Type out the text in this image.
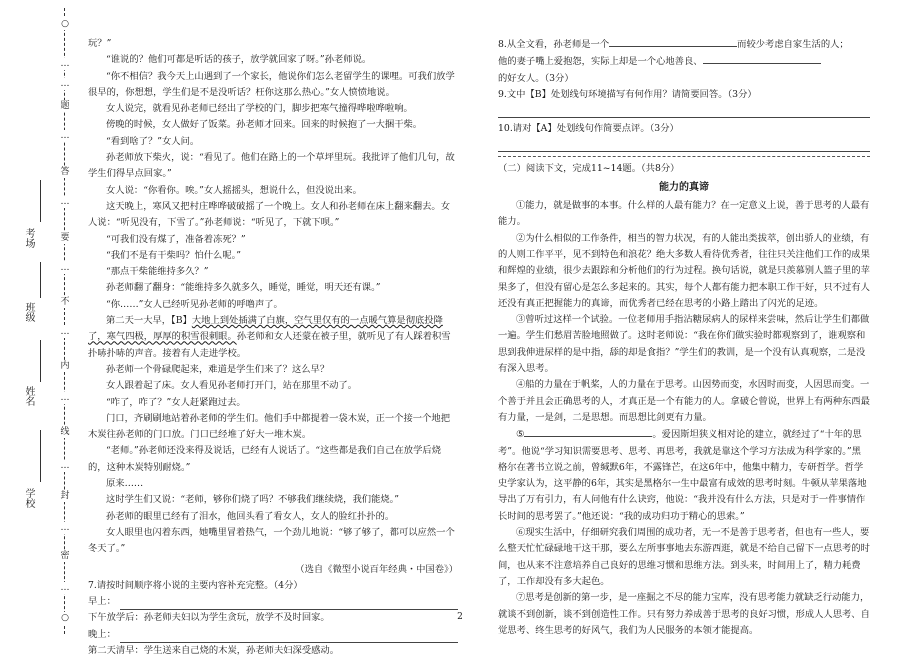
○
…
…
题
…
答
…
要
…
不
…
内
…
线
…
封
…
密
…
○
考场
班级
姓名
学校

玩？”

“谁说的？他们可都是听话的孩子，放学就回家了呀。”孙老师说。

“你不相信？我今天上山遇到了一个家长，他说你们怎么老留学生的课哩。可我们放学很早的，你想想，学生们是不是没听话？枉你这那么热心。”女人愤愤地说。

女人说完，就看见孙老师已经出了学校的门，脚步把寒气撞得哗啦哗啦响。

傍晚的时候，女人做好了饭菜。孙老师才回来。回来的时候抱了一大捆干柴。

“看到啥了？”女人问。

孙老师放下柴火，说：“看见了。他们在路上的一个草坪里玩。我批评了他们几句，故学生们得早点回家。”

女人说：“你看你。唉。”女人摇摇头，想说什么，但没说出来。

这天晚上，寒风又把村庄哗哗破破摇了一个晚上。女人和孙老师在床上翻来翻去。女人说：“听见没有，下雪了。”孙老师说：“听见了，下就下呗。”

“可我们没有煤了，准备着冻死？”

“我们不是有干柴吗？怕什么呢。”

“那点干柴能维持多久？”

孙老师翻了翻身：“能维持多久就多久，睡觉，睡觉，明天还有课。”

“你……”女人已经听见孙老师的呼噜声了。

第二天一大早，【B】大地上到处插满了白旗，空气里仅有的一点暖气算是彻底投降了，寒气四极，厚厚的积雪很刺眼。孙老师和女人还蒙在被子里，就听见了有人踩着积雪扑哧扑哧的声音。接着有人走进学校。

孙老师一个骨碌爬起来，难道是学生们来了？这么早？

女人跟着起了床。女人看见孙老师打开门，站在那里不动了。

“咋了，咋了？”女人赶紧跑过去。

门口，齐刷刷地站着孙老师的学生们。他们手中都提着一袋木炭，正一个接一个地把木炭往孙老师的门口放。门口已经堆了好大一堆木炭。

“老师。”孙老师还没来得及说话，已经有人说话了。“这些都是我们自己在放学后烧的，这种木炭特别耐烧。”

原来……

这时学生们又说：“老师，够你们烧了吗？不够我们继续烧，我们能烧。”

孙老师的眼里已经有了泪水，他回头看了看女人，女人的脸红扑扑的。

女人眼里也闪着东西，她嘴里冒着热气，一个劲儿地说：“够了够了，都可以应然一个冬天了。”

（选自《微型小说百年经典・中国卷》）

7.请按时间顺序将小说的主要内容补充完整。（4分）

早上：

下午放学后：孙老师夫妇以为学生贪玩，放学不及时回家。

晚上：

第二天清早：学生送来自己烧的木炭，孙老师夫妇深受感动。

8.从全文看，孙老师是一个	而较少考虑自家生活的人；

他的妻子嘴上爱抱怨，实际上却是一个心地善良、

的好女人。（3分）

9.文中【B】处划线句环境描写有何作用？请简要回答。（3分）

10.请对【A】处划线句作简要点评。（3分）

（二）阅读下文，完成11~14题。（共8分）

能力的真谛

①能力，就是做事的本事。什么样的人最有能力？在一定意义上说，善于思考的人最有能力。

②为什么相似的工作条件，相当的智力状况，有的人能出类拔萃，创出骄人的业绩，有的人则工作平平，见不到特色和浪花？绝大多数人看待优秀者，往往只关注他们工作的成果和辉煌的业绩，很少去跟踪和分析他们的行为过程。换句话说，就是只羡慕别人篮子里的苹果多了，但没有留心是怎么多起来的。其实，每个人都有能力把本职工作干好，只不过有人还没有真正把握能力的真谛，而优秀者已经在思考的小路上踏出了闪光的足迹。

③曾听过这样一个试验。一位老师用手指沾糖尿病人的尿样来尝味，然后让学生们都做一遍。学生们愁眉苦脸地照做了。这时老师说：“我在你们做实验时都观察到了，谁观察和思到我伸进尿样的是中指，舔的却是食指？”学生们的教训，是一个没有认真观察，二是没有深入思考。

④船的力量在于帆桨，人的力量在于思考。山因势而变，水因时而变，人因思而变。一个善于并且会正确思考的人，才真正是一个有能力的人。拿破仑曾说，世界上有两种东西最有力量，一是剑，二是思想。而思想比剑更有力量。

⑤	。爱因斯坦狭义相对论的建立，就经过了“十年的思考”。他说“学习知识需要思考、思考、再思考，我就是靠这个学习方法成为科学家的。”黑格尔在著书立说之前，曾缄默6年，不露锋芒，在这6年中，他集中精力，专研哲学。哲学史学家认为，这平静的6年，其实是黑格尔一生中最富有成效的思考时刻。牛顿从苹果落地导出了万有引力，有人问他有什么诀窍，他说：“我并没有什么方法，只是对于一件事情作长时间的思考罢了。”他还说：“我的成功归功于精心的思索。”

⑥现实生活中，仔细研究我们周围的成功者，无一不是善于思考者，但也有一些人，要么整天忙忙碌碌地干这干那，要么左所事事地去东游西逛，就是不给自己留下一点思考的时间，也从来不注意培养自己良好的思维习惯和思维方法。到头来，时间用上了，精力耗费了，工作却没有多大起色。

⑦思考是创新的第一步，是一座掘之不尽的能力宝库，没有思考能力就缺乏行动能力，就谈不到创新，谈不到创造性工作。只有努力养成善于思考的良好习惯，形成人人思考、自觉思考、终生思考的好风气，我们为人民服务的本领才能提高。

2
